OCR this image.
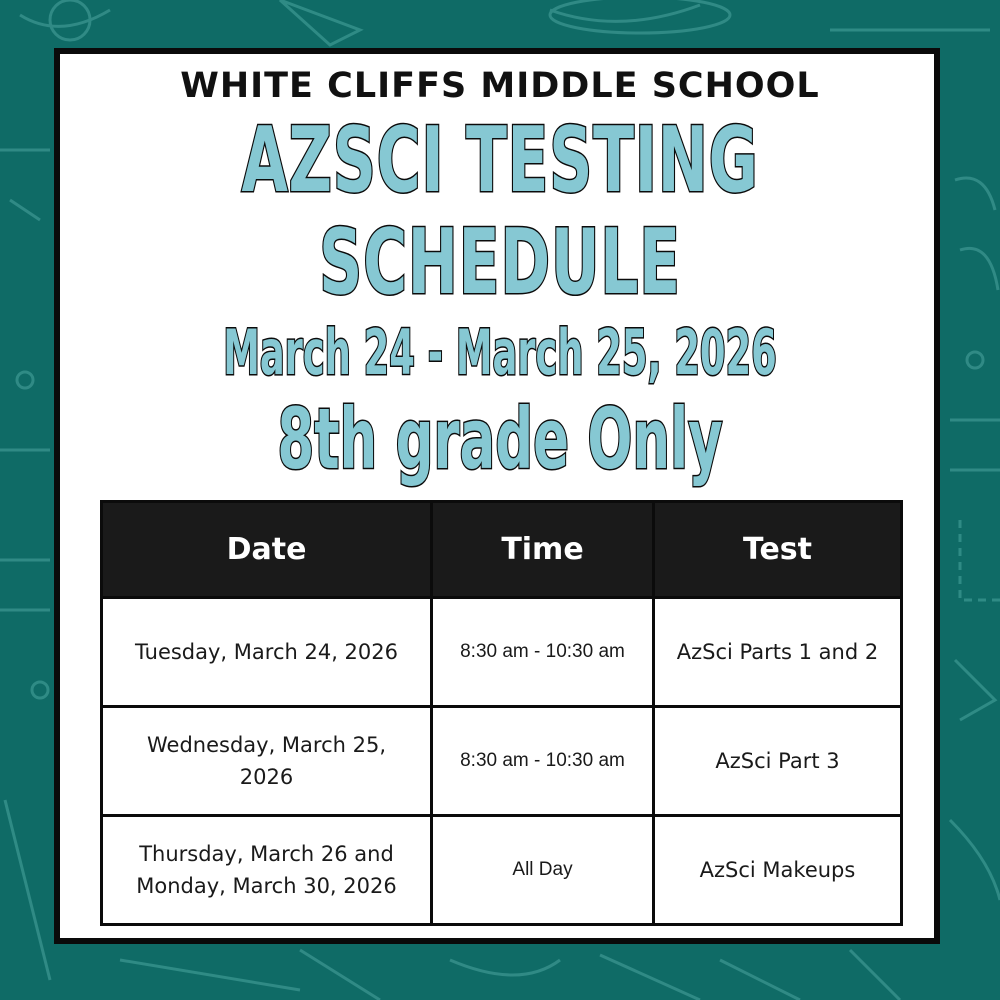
WHITE CLIFFS MIDDLE SCHOOL
AZSCI TESTING
SCHEDULE
March 24 - March 25, 2026
8th grade Only
Date	Time	Test
Tuesday, March 24, 2026	8:30 am - 10:30 am	AzSci Parts 1 and 2
Wednesday, March 25, 2026	8:30 am - 10:30 am	AzSci Part 3
Thursday, March 26 and Monday, March 30, 2026	All Day	AzSci Makeups
